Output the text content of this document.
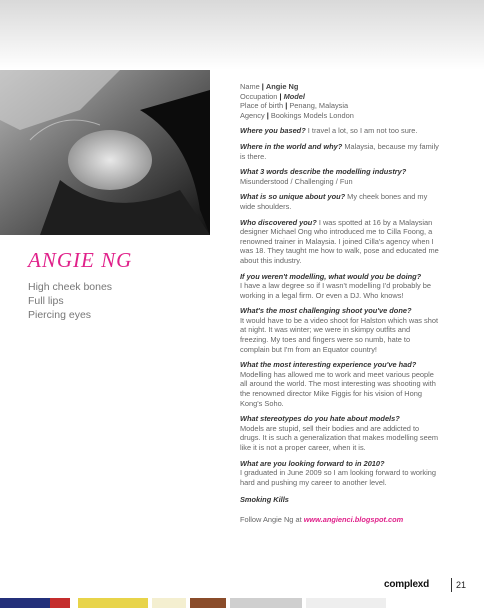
ANGIE NG
High cheek bones
Full lips
Piercing eyes
Name | Angie Ng
Occupation | Model
Place of birth | Penang, Malaysia
Agency | Bookings Models London
Where you based? I travel a lot, so I am not too sure.
Where in the world and why? Malaysia, because my family is there.
What 3 words describe the modelling industry? Misunderstood / Challenging / Fun
What is so unique about you? My cheek bones and my wide shoulders.
Who discovered you? I was spotted at 16 by a Malaysian designer Michael Ong who introduced me to Cilla Foong, a renowned trainer in Malaysia. I joined Cilla's agency when I was 18. They taught me how to walk, pose and educated me about this industry.
If you weren't modelling, what would you be doing?
I have a law degree so if I wasn't modelling I'd probably be working in a legal firm. Or even a DJ. Who knows!
What's the most challenging shoot you've done?
It would have to be a video shoot for Halston which was shot at night. It was winter; we were in skimpy outfits and freezing. My toes and fingers were so numb, hate to complain but I'm from an Equator country!
What the most interesting experience you've had?
Modelling has allowed me to work and meet various people all around the world. The most interesting was shooting with the renowned director Mike Figgis for his vision of Hong Kong's Soho.
What stereotypes do you hate about models?
Models are stupid, sell their bodies and are addicted to drugs. It is such a generalization that makes modelling seem like it is not a proper career, when it is.
What are you looking forward to in 2010?
I graduated in June 2009 so I am looking forward to working hard and pushing my career to another level.
Smoking Kills
Follow Angie Ng at www.angienci.blogspot.com
complexd	21
